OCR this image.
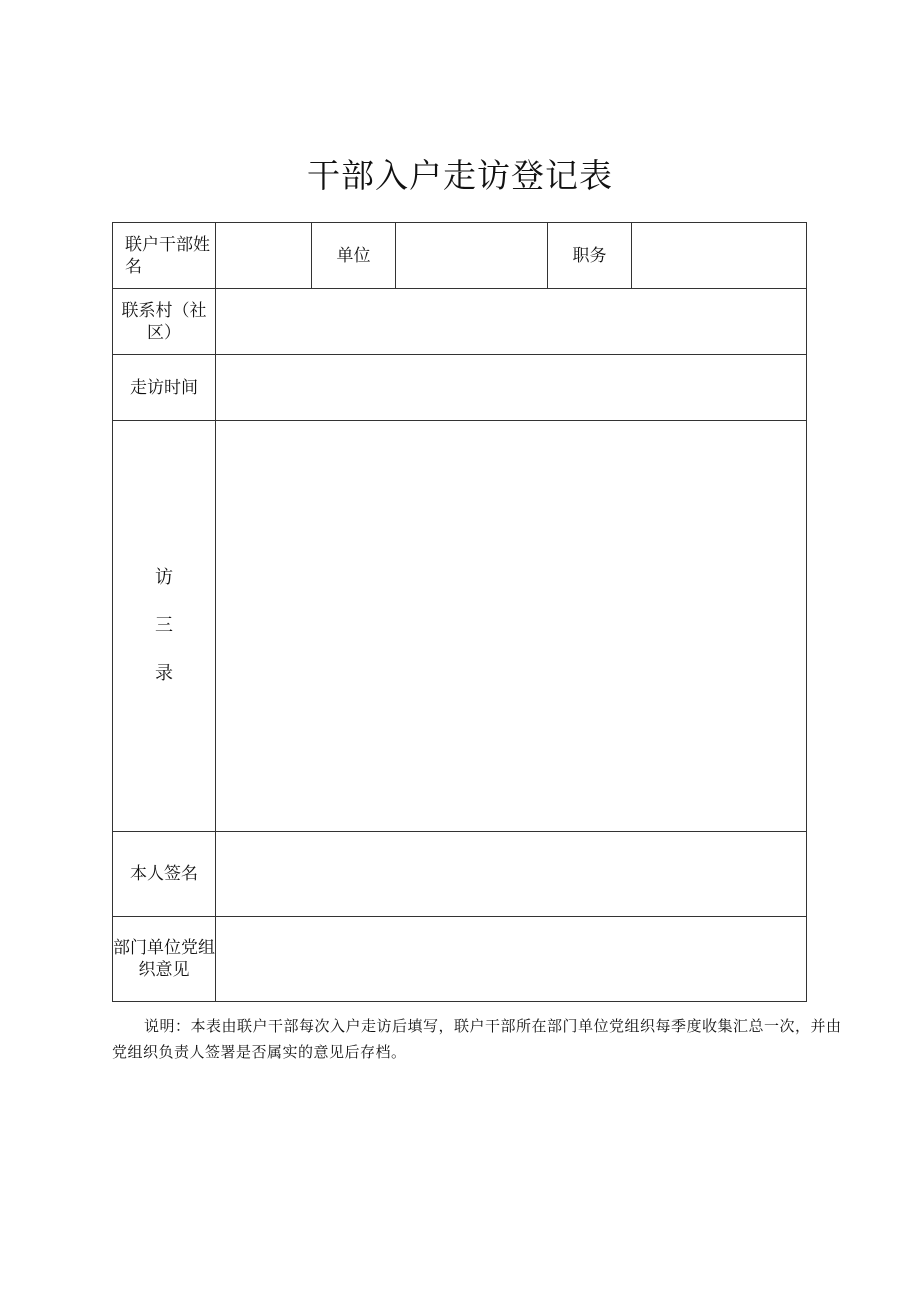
干部入户走访登记表
联户干部姓名		单位		职务	
联系村（社区）					
走访时间					

访
三
录					

本人签名					
部门单位党组织意见					
说明：本表由联户干部每次入户走访后填写，联户干部所在部门单位党组织每季度收集汇总一次，并由党组织负责人签署是否属实的意见后存档。
